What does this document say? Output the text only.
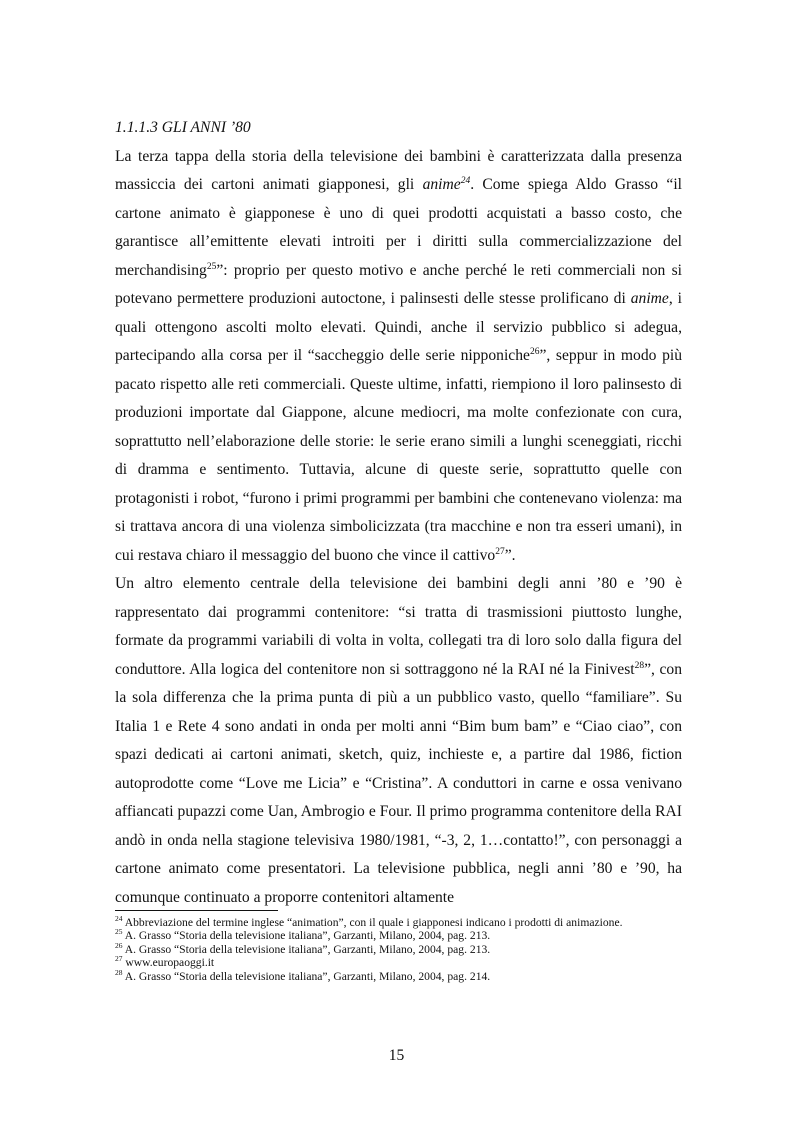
1.1.1.3 GLI ANNI ’80

La terza tappa della storia della televisione dei bambini è caratterizzata dalla presenza massiccia dei cartoni animati giapponesi, gli anime$^{24}$. Come spiega Aldo Grasso “il cartone animato è giapponese è uno di quei prodotti acquistati a basso costo, che garantisce all’emittente elevati introiti per i diritti sulla commercializzazione del merchandising$^{25}$”: proprio per questo motivo e anche perché le reti commerciali non si potevano permettere produzioni autoctone, i palinsesti delle stesse prolificano di anime, i quali ottengono ascolti molto elevati. Quindi, anche il servizio pubblico si adegua, partecipando alla corsa per il “saccheggio delle serie nipponiche$^{26}$”, seppur in modo più pacato rispetto alle reti commerciali. Queste ultime, infatti, riempiono il loro palinsesto di produzioni importate dal Giappone, alcune mediocri, ma molte confezionate con cura, soprattutto nell’elaborazione delle storie: le serie erano simili a lunghi sceneggiati, ricchi di dramma e sentimento. Tuttavia, alcune di queste serie, soprattutto quelle con protagonisti i robot, “furono i primi programmi per bambini che contenevano violenza: ma si trattava ancora di una violenza simbolicizzata (tra macchine e non tra esseri umani), in cui restava chiaro il messaggio del buono che vince il cattivo$^{27}$”.

Un altro elemento centrale della televisione dei bambini degli anni ’80 e ’90 è rappresentato dai programmi contenitore: “si tratta di trasmissioni piuttosto lunghe, formate da programmi variabili di volta in volta, collegati tra di loro solo dalla figura del conduttore. Alla logica del contenitore non si sottraggono né la RAI né la Finivest$^{28}$”, con la sola differenza che la prima punta di più a un pubblico vasto, quello “familiare”. Su Italia 1 e Rete 4 sono andati in onda per molti anni “Bim bum bam” e “Ciao ciao”, con spazi dedicati ai cartoni animati, sketch, quiz, inchieste e, a partire dal 1986, fiction autoprodotte come “Love me Licia” e “Cristina”. A conduttori in carne e ossa venivano affiancati pupazzi come Uan, Ambrogio e Four. Il primo programma contenitore della RAI andò in onda nella stagione televisiva 1980/1981, “-3, 2, 1…contatto!”, con personaggi a cartone animato come presentatori. La televisione pubblica, negli anni ’80 e ’90, ha comunque continuato a proporre contenitori altamente

$^{24}$ Abbreviazione del termine inglese “animation”, con il quale i giapponesi indicano i prodotti di animazione.

$^{25}$ A. Grasso “Storia della televisione italiana”, Garzanti, Milano, 2004, pag. 213.

$^{26}$ A. Grasso “Storia della televisione italiana”, Garzanti, Milano, 2004, pag. 213.

$^{27}$ www.europaoggi.it

$^{28}$ A. Grasso “Storia della televisione italiana”, Garzanti, Milano, 2004, pag. 214.

15
